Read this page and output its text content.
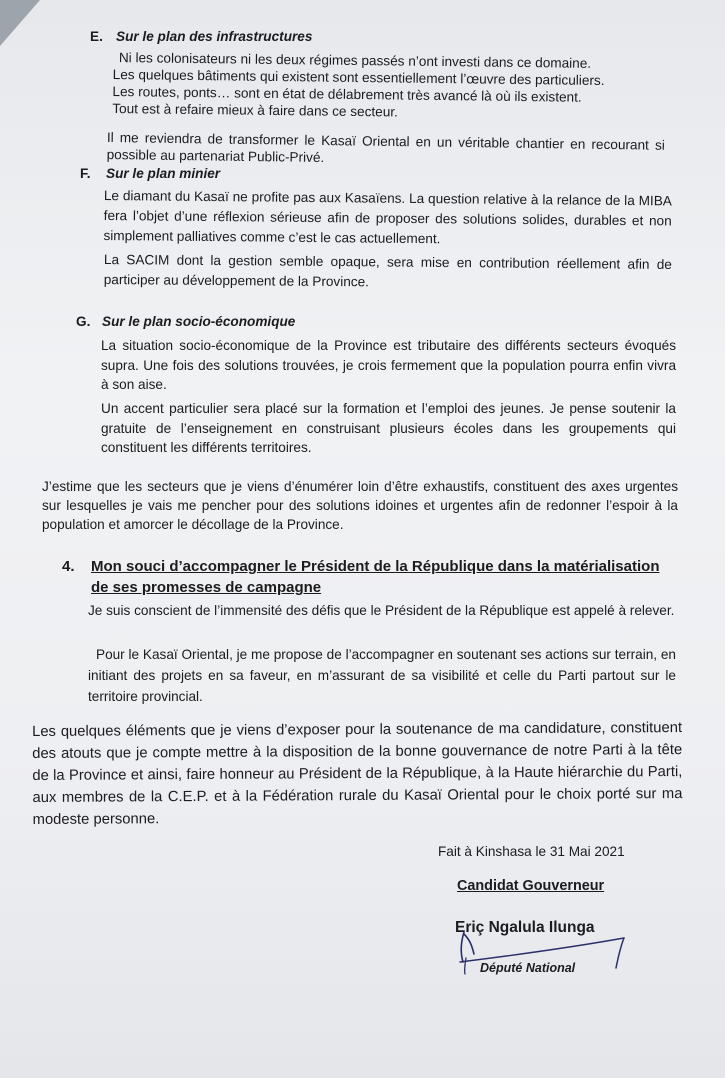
E. Sur le plan des infrastructures

Ni les colonisateurs ni les deux régimes passés n’ont investi dans ce domaine.

Les quelques bâtiments qui existent sont essentiellement l’œuvre des particuliers.

Les routes, ponts… sont en état de délabrement très avancé là où ils existent.

Tout est à refaire mieux à faire dans ce secteur.

Il me reviendra de transformer le Kasaï Oriental en un véritable chantier en recourant si possible au partenariat Public-Privé.
F. Sur le plan minier
Le diamant du Kasaï ne profite pas aux Kasaïens. La question relative à la relance de la MIBA fera l’objet d’une réflexion sérieuse afin de proposer des solutions solides, durables et non simplement palliatives comme c’est le cas actuellement.
La SACIM dont la gestion semble opaque, sera mise en contribution réellement afin de participer au développement de la Province.
G. Sur le plan socio-économique
La situation socio-économique de la Province est tributaire des différents secteurs évoqués supra. Une fois des solutions trouvées, je crois fermement que la population pourra enfin vivra à son aise.
Un accent particulier sera placé sur la formation et l’emploi des jeunes. Je pense soutenir la gratuite de l’enseignement en construisant plusieurs écoles dans les groupements qui constituent les différents territoires.
J’estime que les secteurs que je viens d’énumérer loin d’être exhaustifs, constituent des axes urgentes sur lesquelles je vais me pencher pour des solutions idoines et urgentes afin de redonner l’espoir à la population et amorcer le décollage de la Province.
4. Mon souci d’accompagner le Président de la République dans la matérialisation de ses promesses de campagne
Je suis conscient de l’immensité des défis que le Président de la République est appelé à relever.
Pour le Kasaï Oriental, je me propose de l’accompagner en soutenant ses actions sur terrain, en initiant des projets en sa faveur, en m’assurant de sa visibilité et celle du Parti partout sur le territoire provincial.
Les quelques éléments que je viens d’exposer pour la soutenance de ma candidature, constituent des atouts que je compte mettre à la disposition de la bonne gouvernance de notre Parti à la tête de la Province et ainsi, faire honneur au Président de la République, à la Haute hiérarchie du Parti, aux membres de la C.E.P. et à la Fédération rurale du Kasaï Oriental pour le choix porté sur ma modeste personne.
Fait à Kinshasa le 31 Mai 2021
Candidat Gouverneur
Eriç Ngalula Ilunga
Député National
